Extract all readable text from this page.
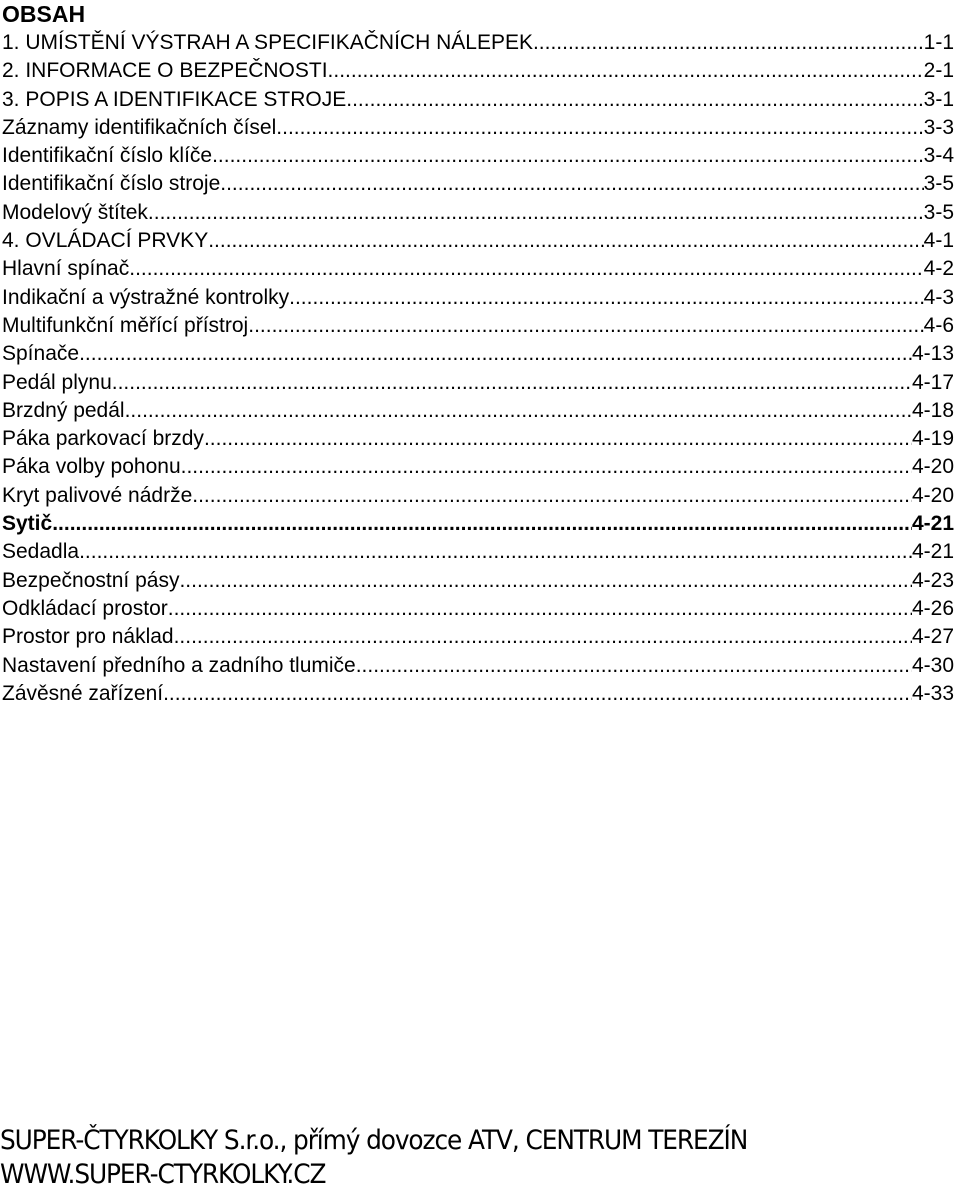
OBSAH
1. UMÍSTĚNÍ VÝSTRAH A SPECIFIKAČNÍCH NÁLEPEK .....	1-1
2. INFORMACE O BEZPEČNOSTI .....	2-1
3. POPIS A IDENTIFIKACE STROJE .....	3-1
Záznamy identifikačních čísel .....	3-3
Identifikační číslo klíče .....	3-4
Identifikační číslo stroje .....	3-5
Modelový štítek .....	3-5
4. OVLÁDACÍ PRVKY .....	4-1
Hlavní spínač .....	4-2
Indikační a výstražné kontrolky .....	4-3
Multifunkční měřící přístroj .....	4-6
Spínače .....	4-13
Pedál plynu .....	4-17
Brzdný pedál .....	4-18
Páka parkovací brzdy .....	4-19
Páka volby pohonu .....	4-20
Kryt palivové nádrže .....	4-20
Sytič .....	4-21
Sedadla .....	4-21
Bezpečnostní pásy .....	4-23
Odkládací prostor .....	4-26
Prostor pro náklad .....	4-27
Nastavení předního a zadního tlumiče .....	4-30
Závěsné zařízení .....	4-33
SUPER-ČTYRKOLKY S.r.o., přímý dovozce ATV, CENTRUM TEREZÍN
WWW.SUPER-CTYRKOLKY.CZ
